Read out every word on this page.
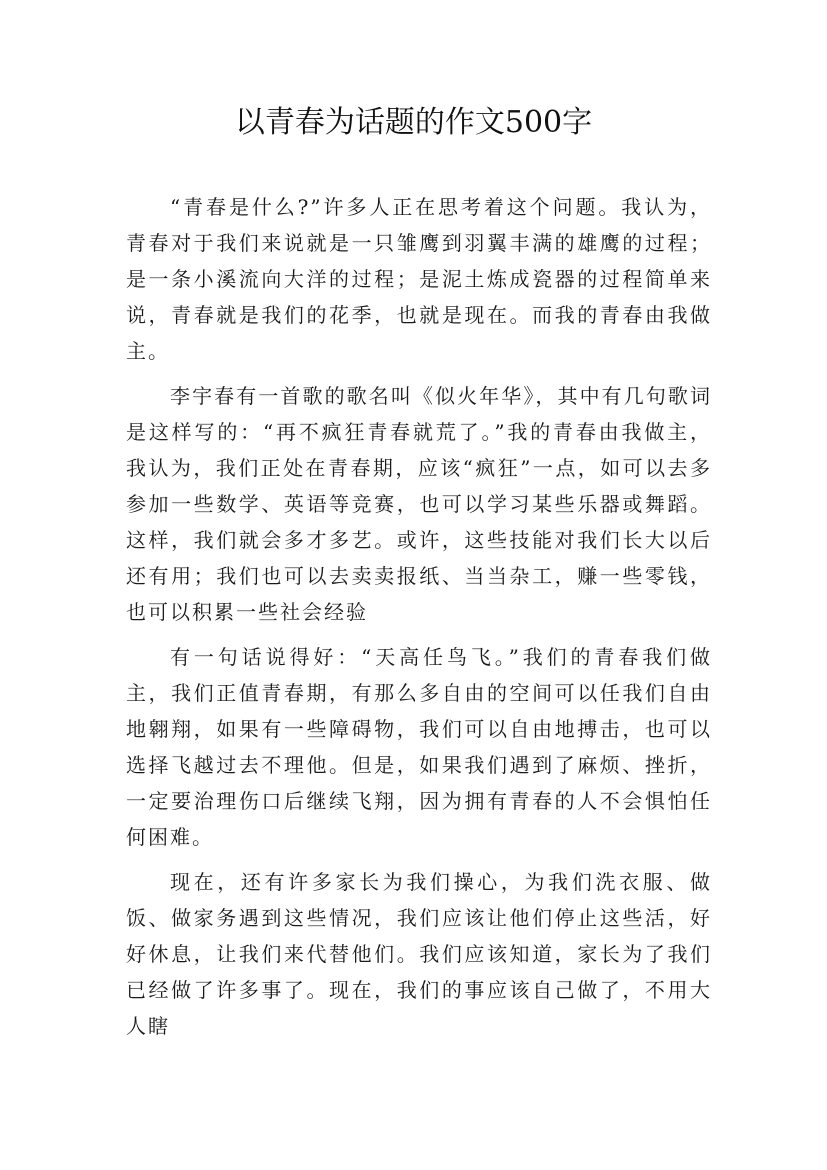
以青春为话题的作文500字

“青春是什么?”许多人正在思考着这个问题。我认为，青春对于我们来说就是一只雏鹰到羽翼丰满的雄鹰的过程；是一条小溪流向大洋的过程；是泥土炼成瓷器的过程简单来说，青春就是我们的花季，也就是现在。而我的青春由我做主。

李宇春有一首歌的歌名叫《似火年华》，其中有几句歌词是这样写的：“再不疯狂青春就荒了。”我的青春由我做主，我认为，我们正处在青春期，应该“疯狂”一点，如可以去多参加一些数学、英语等竞赛，也可以学习某些乐器或舞蹈。这样，我们就会多才多艺。或许，这些技能对我们长大以后还有用；我们也可以去卖卖报纸、当当杂工，赚一些零钱，也可以积累一些社会经验

有一句话说得好：“天高任鸟飞。”我们的青春我们做主，我们正值青春期，有那么多自由的空间可以任我们自由地翱翔，如果有一些障碍物，我们可以自由地搏击，也可以选择飞越过去不理他。但是，如果我们遇到了麻烦、挫折，一定要治理伤口后继续飞翔，因为拥有青春的人不会惧怕任何困难。

现在，还有许多家长为我们操心，为我们洗衣服、做饭、做家务遇到这些情况，我们应该让他们停止这些活，好好休息，让我们来代替他们。我们应该知道，家长为了我们已经做了许多事了。现在，我们的事应该自己做了，不用大人瞎
